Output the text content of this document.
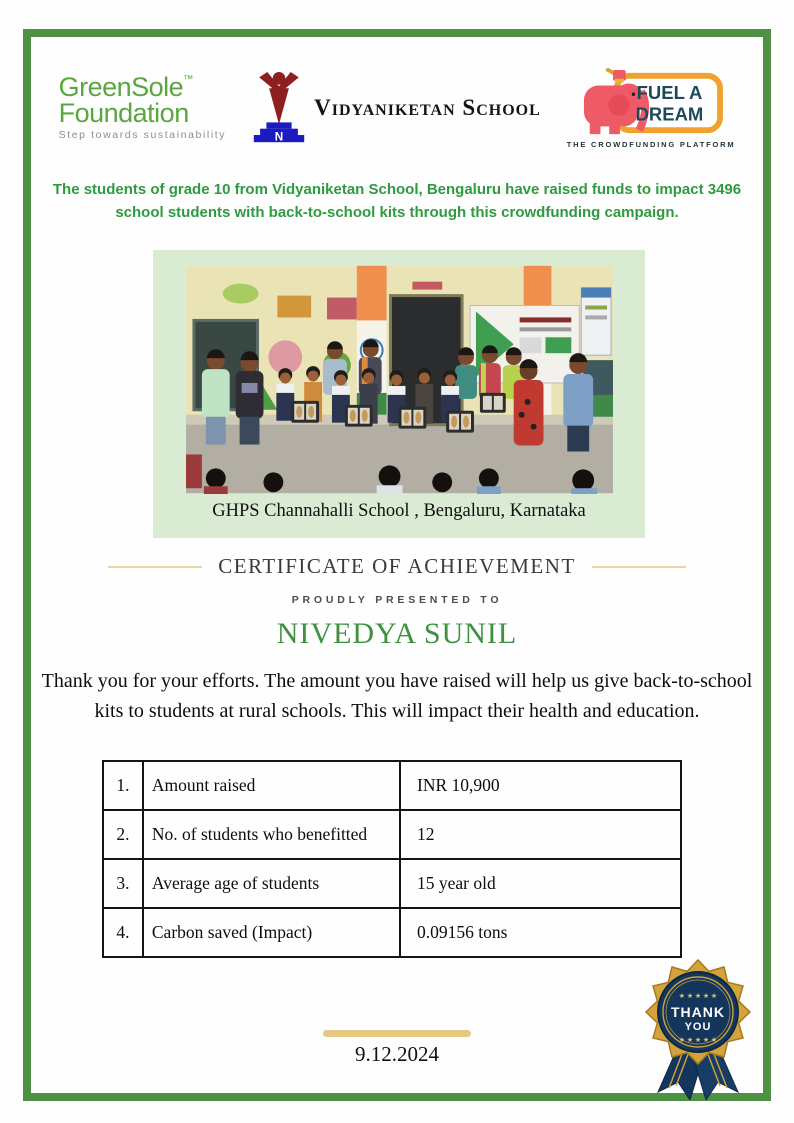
GreenSole™
Foundation
Step towards sustainability	N
Vidyaniketan School
FUEL A
DREAM
THE CROWDFUNDING PLATFORM
The students of grade 10 from Vidyaniketan School, Bengaluru have raised funds to impact 3496 school students with back-to-school kits through this crowdfunding campaign.
GHPS Channahalli School , Bengaluru, Karnataka
CERTIFICATE OF ACHIEVEMENT
PROUDLY PRESENTED TO
NIVEDYA SUNIL
Thank you for your efforts. The amount you have raised will help us give back-to-school kits to students at rural schools. This will impact their health and education.
1.	Amount raised	INR 10,900
2.	No. of students who benefitted	12
3.	Average age of students	15 year old
4.	Carbon saved (Impact)	0.09156 tons
9.12.2024
★ ★ ★ ★ ★
THANK
YOU
★ ★ ★ ★ ★
